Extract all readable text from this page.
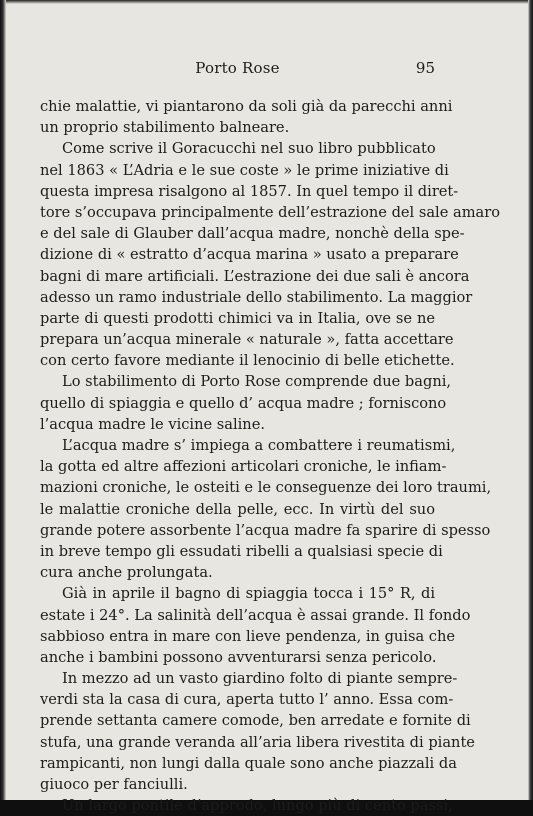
Porto Rose	95
chie malattie, vi piantarono da soli già da parecchi anni
un proprio stabilimento balneare.
Come scrive il Goracucchi nel suo libro pubblicato
nel 1863 « L’Adria e le sue coste » le prime iniziative di
questa impresa risalgono al 1857. In quel tempo il diret-
tore s’occupava principalmente dell’estrazione del sale amaro
e del sale di Glauber dall’acqua madre, nonchè della spe-
dizione di « estratto d’acqua marina » usato a preparare
bagni di mare artificiali. L’estrazione dei due sali è ancora
adesso un ramo industriale dello stabilimento. La maggior
parte di questi prodotti chimici va in Italia, ove se ne
prepara un’acqua minerale « naturale », fatta accettare
con certo favore mediante il lenocinio di belle etichette.
Lo stabilimento di Porto Rose comprende due bagni,
quello di spiaggia e quello d’ acqua madre ; forniscono
l’acqua madre le vicine saline.
L’acqua madre s’ impiega a combattere i reumatismi,
la gotta ed altre affezioni articolari croniche, le infiam-
mazioni croniche, le osteiti e le conseguenze dei loro traumi,
le malattie croniche della pelle, ecc. In virtù del suo
grande potere assorbente l’acqua madre fa sparire di spesso
in breve tempo gli essudati ribelli a qualsiasi specie di
cura anche prolungata.
Già in aprile il bagno di spiaggia tocca i 15° R, di
estate i 24°. La salinità dell’acqua è assai grande. Il fondo
sabbioso entra in mare con lieve pendenza, in guisa che
anche i bambini possono avventurarsi senza pericolo.
In mezzo ad un vasto giardino folto di piante sempre-
verdi sta la casa di cura, aperta tutto l’ anno. Essa com-
prende settanta camere comode, ben arredate e fornite di
stufa, una grande veranda all’aria libera rivestita di piante
rampicanti, non lungi dalla quale sono anche piazzali da
giuoco per fanciulli.
Un largo pontile d’approdo, lungo più di cento passi,
